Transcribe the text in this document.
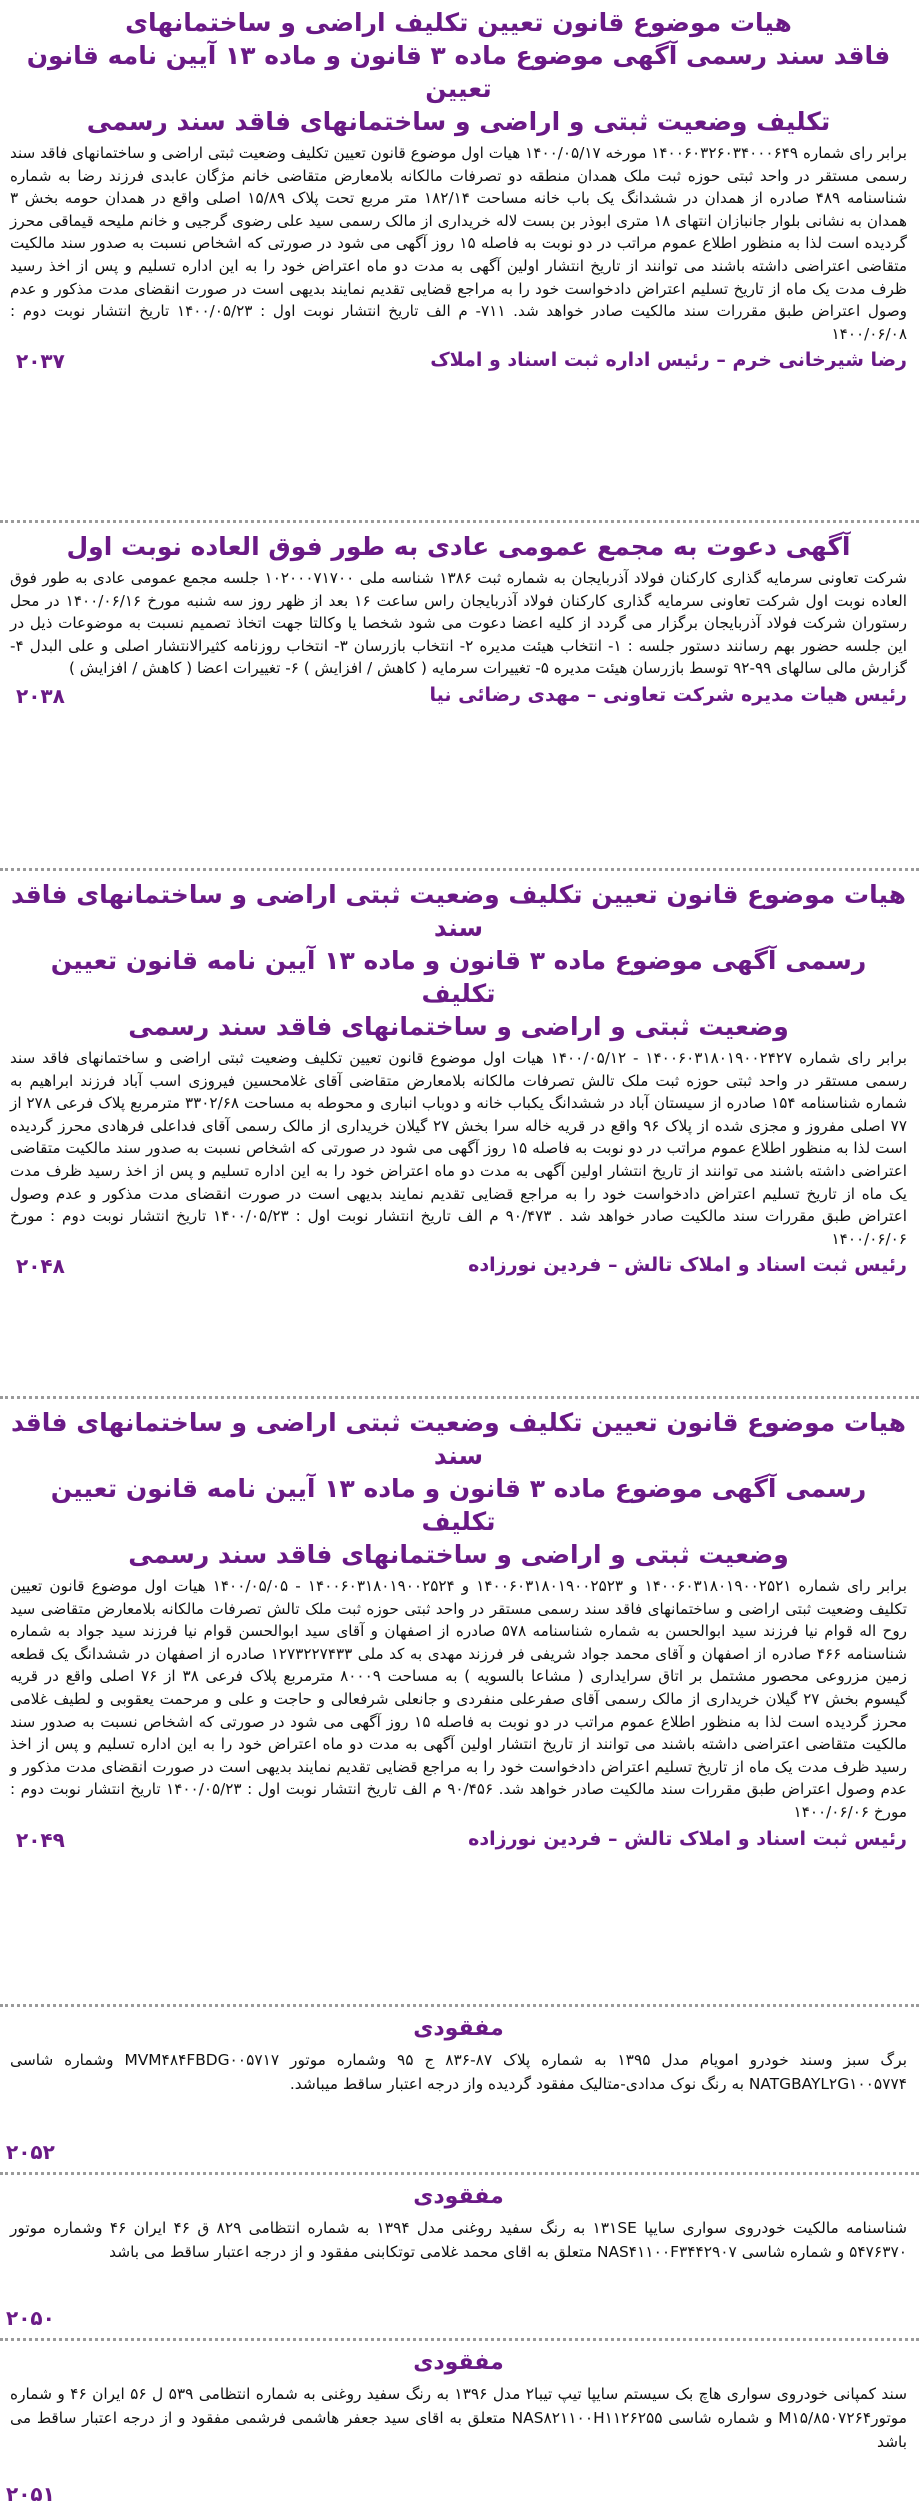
هیات موضوع قانون تعیین تکلیف اراضی و ساختمانهای
فاقد سند رسمی آگهی موضوع ماده ۳ قانون و ماده ۱۳ آیین نامه قانون تعیین
تکلیف وضعیت ثبتی و اراضی و ساختمانهای فاقد سند رسمی

برابر رای شماره ۱۴۰۰۶۰۳۲۶۰۳۴۰۰۰۶۴۹ مورخه ۱۴۰۰/۰۵/۱۷ هیات اول موضوع قانون تعیین تکلیف وضعیت ثبتی اراضی و ساختمانهای فاقد سند رسمی مستقر در واحد ثبتی حوزه ثبت ملک همدان منطقه دو تصرفات مالکانه بلامعارض متقاضی خانم مژگان عابدی فرزند رضا به شماره شناسنامه ۴۸۹ صادره از همدان در ششدانگ یک باب خانه مساحت ۱۸۲/۱۴ متر مربع تحت پلاک ۱۵/۸۹ اصلی واقع در همدان حومه بخش ۳ همدان به نشانی بلوار جانبازان انتهای ۱۸ متری ابوذر بن بست لاله خریداری از مالک رسمی سید علی رضوی گرجیی و خانم ملیحه قیماقی محرز گردیده است لذا به منظور اطلاع عموم مراتب در دو نوبت به فاصله ۱۵ روز آگهی می شود در صورتی که اشخاص نسبت به صدور سند مالکیت متقاضی اعتراضی داشته باشند می توانند از تاریخ انتشار اولین آگهی به مدت دو ماه اعتراض خود را به این اداره تسلیم و پس از اخذ رسید ظرف مدت یک ماه از تاریخ تسلیم اعتراض دادخواست خود را به مراجع قضایی تقدیم نمایند بدیهی است در صورت انقضای مدت مذکور و عدم وصول اعتراض طبق مقررات سند مالکیت صادر خواهد شد. ۷۱۱- م الف تاریخ انتشار نوبت اول : ۱۴۰۰/۰۵/۲۳ تاریخ انتشار نوبت دوم : ۱۴۰۰/۰۶/۰۸

رضا شیرخانی خرم – رئیس اداره ثبت اسناد و املاک
۲۰۳۷
آگهی دعوت به مجمع عمومی عادی به طور فوق العاده نوبت اول

شرکت تعاونی سرمایه گذاری کارکنان فولاد آذربایجان به شماره ثبت ۱۳۸۶ شناسه ملی ۱۰۲۰۰۰۷۱۷۰۰ جلسه مجمع عمومی عادی به طور فوق العاده نوبت اول شرکت تعاونی سرمایه گذاری کارکنان فولاد آذربایجان راس ساعت ۱۶ بعد از ظهر روز سه شنبه مورخ ۱۴۰۰/۰۶/۱۶ در محل رستوران شرکت فولاد آذربایجان برگزار می گردد از کلیه اعضا دعوت می شود شخصا یا وکالتا جهت اتخاذ تصمیم نسبت به موضوعات ذیل در این جلسه حضور بهم رسانند دستور جلسه : ۱- انتخاب هیئت مدیره ۲- انتخاب بازرسان ۳- انتخاب روزنامه کثیرالانتشار اصلی و علی البدل ۴- گزارش مالی سالهای ۹۹-۹۲ توسط بازرسان هیئت مدیره ۵- تغییرات سرمایه ( کاهش / افزایش ) ۶- تغییرات اعضا ( کاهش / افزایش )

رئیس هیات مدیره شرکت تعاونی – مهدی رضائی نیا
۲۰۳۸
هیات موضوع قانون تعیین تکلیف وضعیت ثبتی اراضی و ساختمانهای فاقد سند
رسمی آگهی موضوع ماده ۳ قانون و ماده ۱۳ آیین نامه قانون تعیین تکلیف
وضعیت ثبتی و اراضی و ساختمانهای فاقد سند رسمی

برابر رای شماره ۱۴۰۰۶۰۳۱۸۰۱۹۰۰۲۴۲۷ - ۱۴۰۰/۰۵/۱۲ هیات اول موضوع قانون تعیین تکلیف وضعیت ثبتی اراضی و ساختمانهای فاقد سند رسمی مستقر در واحد ثبتی حوزه ثبت ملک تالش تصرفات مالکانه بلامعارض متقاضی آقای غلامحسین فیروزی اسب آباد فرزند ابراهیم به شماره شناسنامه ۱۵۴ صادره از سیستان آباد در ششدانگ یکباب خانه و دوباب انباری و محوطه به مساحت ۳۳۰۲/۶۸ مترمربع پلاک فرعی ۲۷۸ از ۷۷ اصلی مفروز و مجزی شده از پلاک ۹۶ واقع در قریه خاله سرا بخش ۲۷ گیلان خریداری از مالک رسمی آقای فداعلی فرهادی محرز گردیده است لذا به منظور اطلاع عموم مراتب در دو نوبت به فاصله ۱۵ روز آگهی می شود در صورتی که اشخاص نسبت به صدور سند مالکیت متقاضی اعتراضی داشته باشند می توانند از تاریخ انتشار اولین آگهی به مدت دو ماه اعتراض خود را به این اداره تسلیم و پس از اخذ رسید ظرف مدت یک ماه از تاریخ تسلیم اعتراض دادخواست خود را به مراجع قضایی تقدیم نمایند بدیهی است در صورت انقضای مدت مذکور و عدم وصول اعتراض طبق مقررات سند مالکیت صادر خواهد شد . ۹۰/۴۷۳ م الف تاریخ انتشار نوبت اول : ۱۴۰۰/۰۵/۲۳ تاریخ انتشار نوبت دوم : مورخ ۱۴۰۰/۰۶/۰۶

رئیس ثبت اسناد و املاک تالش – فردین نورزاده
۲۰۴۸
هیات موضوع قانون تعیین تکلیف وضعیت ثبتی اراضی و ساختمانهای فاقد سند
رسمی آگهی موضوع ماده ۳ قانون و ماده ۱۳ آیین نامه قانون تعیین تکلیف
وضعیت ثبتی و اراضی و ساختمانهای فاقد سند رسمی

برابر رای شماره ۱۴۰۰۶۰۳۱۸۰۱۹۰۰۲۵۲۱ و ۱۴۰۰۶۰۳۱۸۰۱۹۰۰۲۵۲۳ و ۱۴۰۰۶۰۳۱۸۰۱۹۰۰۲۵۲۴ - ۱۴۰۰/۰۵/۰۵ هیات اول موضوع قانون تعیین تکلیف وضعیت ثبتی اراضی و ساختمانهای فاقد سند رسمی مستقر در واحد ثبتی حوزه ثبت ملک تالش تصرفات مالکانه بلامعارض متقاضی سید روح اله قوام نیا فرزند سید ابوالحسن به شماره شناسنامه ۵۷۸ صادره از اصفهان و آقای سید ابوالحسن قوام نیا فرزند سید جواد به شماره شناسنامه ۴۶۶ صادره از اصفهان و آقای محمد جواد شریفی فر فرزند مهدی به کد ملی ۱۲۷۳۲۲۷۴۳۳ صادره از اصفهان در ششدانگ یک قطعه زمین مزروعی محصور مشتمل بر اتاق سرایداری ( مشاعا بالسویه ) به مساحت ۸۰۰۰۹ مترمربع پلاک فرعی ۳۸ از ۷۶ اصلی واقع در قریه گیسوم بخش ۲۷ گیلان خریداری از مالک رسمی آقای صفرعلی منفردی و جانعلی شرفعالی و حاجت و علی و مرحمت یعقوبی و لطیف غلامی محرز گردیده است لذا به منظور اطلاع عموم مراتب در دو نوبت به فاصله ۱۵ روز آگهی می شود در صورتی که اشخاص نسبت به صدور سند مالکیت متقاضی اعتراضی داشته باشند می توانند از تاریخ انتشار اولین آگهی به مدت دو ماه اعتراض خود را به این اداره تسلیم و پس از اخذ رسید ظرف مدت یک ماه از تاریخ تسلیم اعتراض دادخواست خود را به مراجع قضایی تقدیم نمایند بدیهی است در صورت انقضای مدت مذکور و عدم وصول اعتراض طبق مقررات سند مالکیت صادر خواهد شد. ۹۰/۴۵۶ م الف تاریخ انتشار نوبت اول : ۱۴۰۰/۰۵/۲۳ تاریخ انتشار نوبت دوم : مورخ ۱۴۰۰/۰۶/۰۶

رئیس ثبت اسناد و املاک تالش – فردین نورزاده
۲۰۴۹
مفقودی

برگ سبز وسند خودرو امویام مدل ۱۳۹۵ به شماره پلاک ۸۷-۸۳۶ ج ۹۵ وشماره موتور MVM۴۸۴FBDG۰۰۵۷۱۷ وشماره شاسی NATGBAYL۲G۱۰۰۵۷۷۴ به رنگ نوک مدادی-متالیک مفقود گردیده واز درجه اعتبار ساقط میباشد.

۲۰۵۲
مفقودی

شناسنامه مالکیت خودروی سواری سایپا ۱۳۱SE به رنگ سفید روغنی مدل ۱۳۹۴ به شماره انتظامی ۸۲۹ ق ۴۶ ایران ۴۶ وشماره موتور ۵۴۷۶۳۷۰ و شماره شاسی NAS۴۱۱۰۰F۳۴۴۲۹۰۷ متعلق به اقای محمد غلامی توتکابنی مفقود و از درجه اعتبار ساقط می باشد

۲۰۵۰
مفقودی

سند کمپانی خودروی سواری هاچ بک سیستم سایپا تیپ تیبا۲ مدل ۱۳۹۶ به رنگ سفید روغنی به شماره انتظامی ۵۳۹ ل ۵۶ ایران ۴۶ و شماره موتورM۱۵/۸۵۰۷۲۶۴ و شماره شاسی NAS۸۲۱۱۰۰H۱۱۲۶۲۵۵ متعلق به اقای سید جعفر هاشمی فرشمی مفقود و از درجه اعتبار ساقط می باشد

۲۰۵۱
